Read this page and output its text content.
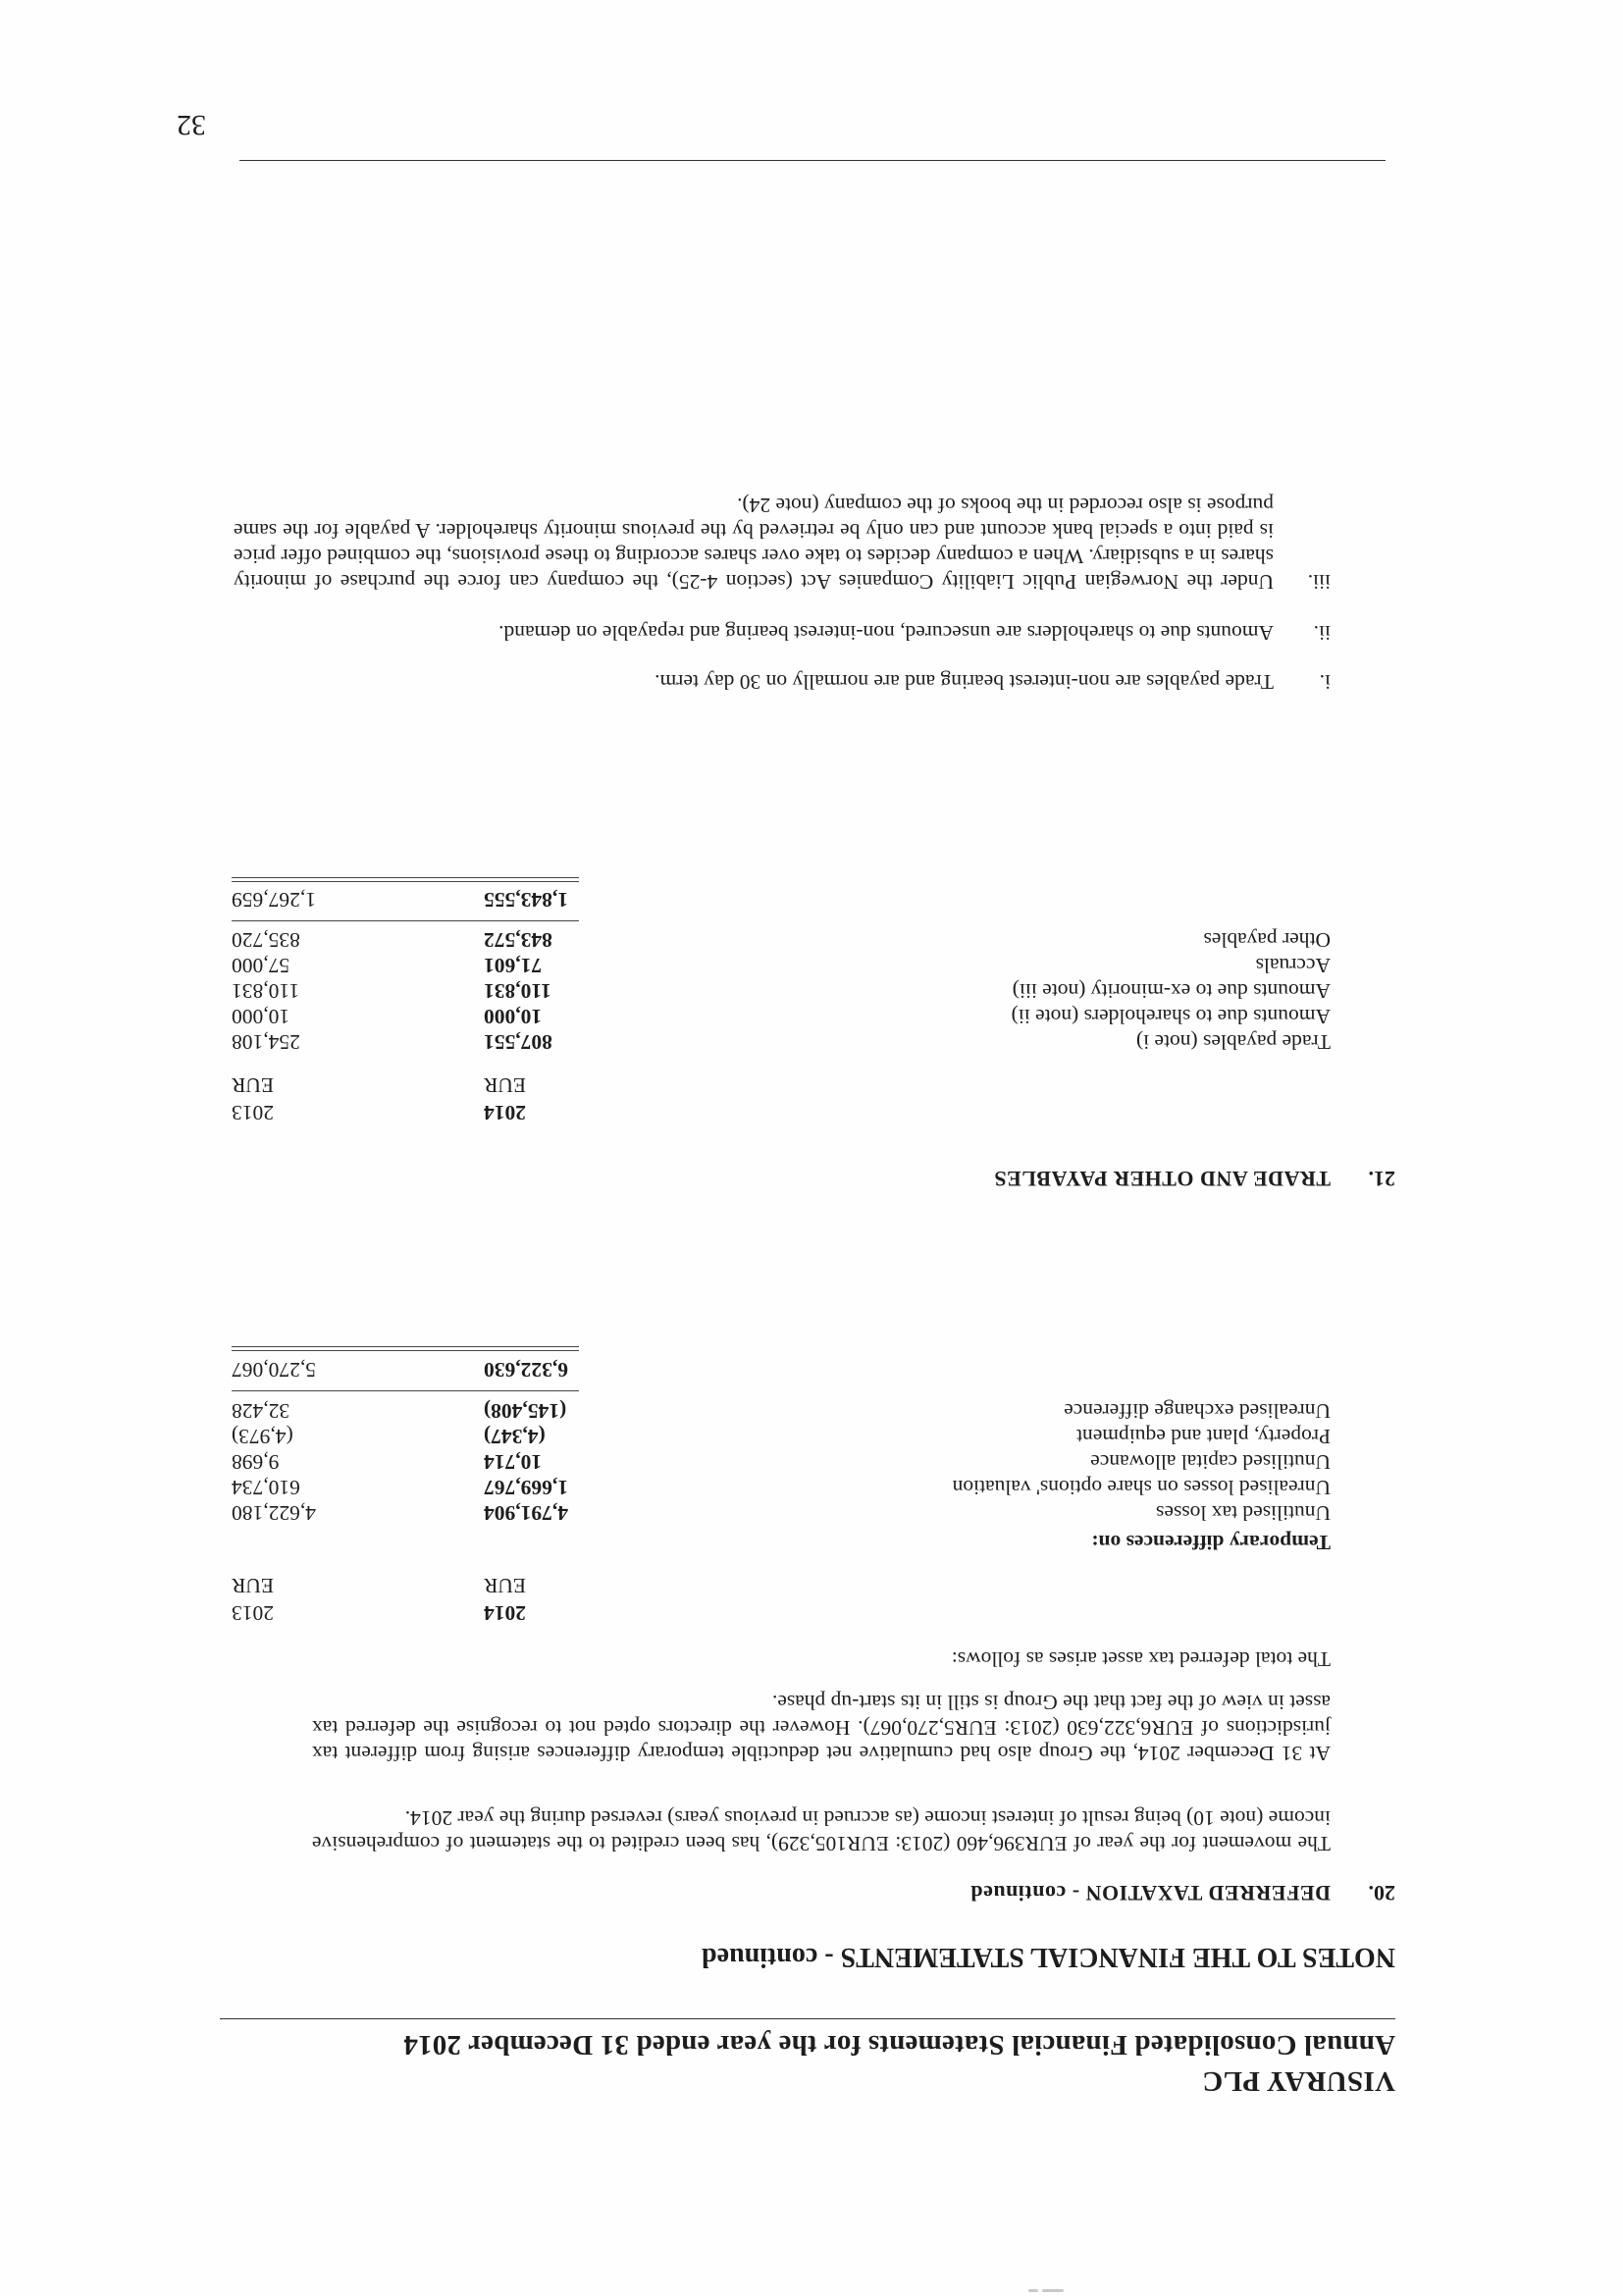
VISURAY PLC
Annual Consolidated Financial Statements for the year ended 31 December 2014
NOTES TO THE FINANCIAL STATEMENTS - continued
20.
DEFERRED TAXATION - continued
The movement for the year of EUR396,460 (2013: EUR105,329), has been credited to the statement of comprehensive income (note 10) being result of interest income (as accrued in previous years) reversed during the year 2014.
At 31 December 2014, the Group also had cumulative net deductible temporary differences arising from different tax jurisdictions of EUR6,322,630 (2013: EUR5,270,067). However the directors opted not to recognise the deferred tax asset in view of the fact that the Group is still in its start-up phase.
The total deferred tax asset arises as follows:
2014
2013
EUR
EUR
Temporary differences on:
Unutilised tax losses
4,791,904
4,622,180
Unrealised losses on share options' valuation
1,669,767
610,734
Unutilised capital allowance
10,714
9,698
Property, plant and equipment
(4,347)
(4,973)
Unrealised exchange difference
(145,408)
32,428
6,322,630
5,270,067
21.
TRADE AND OTHER PAYABLES
2014
2013
EUR
EUR
Trade payables (note i)
807,551
254,108
Amounts due to shareholders (note ii)
10,000
10,000
Amounts due to ex-minority (note iii)
110,831
110,831
Accruals
71,601
57,000
Other payables
843,572
835,720
1,843,555
1,267,659
i.
Trade payables are non-interest bearing and are normally on 30 day term.
ii.
Amounts due to shareholders are unsecured, non-interest bearing and repayable on demand.
iii.
Under the Norwegian Public Liability Companies Act (section 4-25), the company can force the purchase of minority shares in a subsidiary. When a company decides to take over shares according to these provisions, the combined offer price is paid into a special bank account and can only be retrieved by the previous minority shareholder. A payable for the same purpose is also recorded in the books of the company (note 24).
32
